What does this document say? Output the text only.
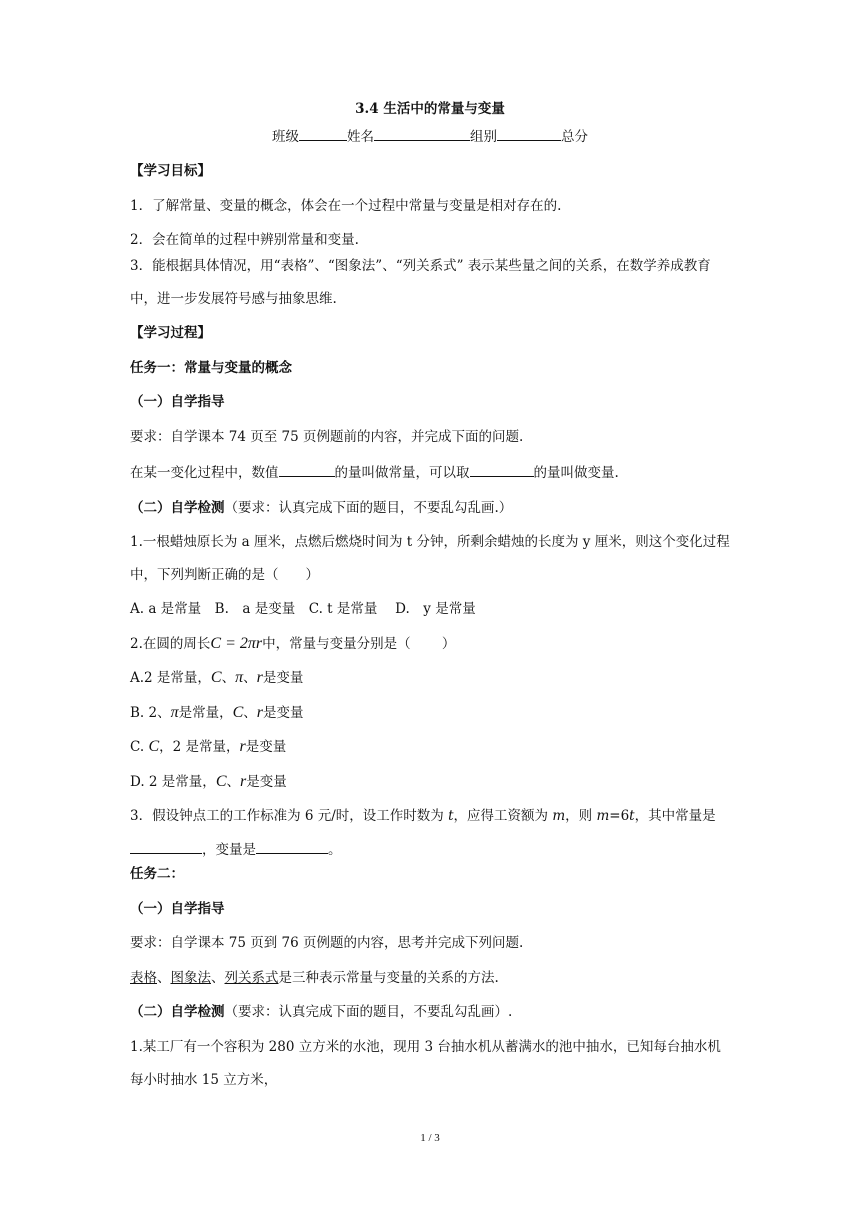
3.4 生活中的常量与变量
班级	姓名	组别	总分
【学习目标】
1．了解常量、变量的概念，体会在一个过程中常量与变量是相对存在的.
2．会在简单的过程中辨别常量和变量.
3．能根据具体情况，用“表格”、“图象法”、“列关系式” 表示某些量之间的关系，在数学养成教育中，进一步发展符号感与抽象思维.
【学习过程】
任务一：常量与变量的概念
（一）自学指导
要求：自学课本 74 页至 75 页例题前的内容，并完成下面的问题.
在某一变化过程中，数值	的量叫做常量，可以取	的量叫做变量.
（二）自学检测（要求：认真完成下面的题目，不要乱勾乱画.）
1.一根蜡烛原长为 a 厘米，点燃后燃烧时间为 t 分钟，所剩余蜡烛的长度为 y 厘米，则这个变化过程中，下列判断正确的是（　　）
A. a 是常量　B.　a 是变量　C. t 是常量　 D.　y 是常量
2.在圆的周长C = 2πr中，常量与变量分别是（　　 ）
A.2 是常量，C、π、r是变量
B. 2、π是常量，C、r是变量
C. C，2 是常量，r是变量
D. 2 是常量，C、r是变量
3．假设钟点工的工作标准为 6 元/时，设工作时数为 t，应得工资额为 m，则 m=6t，其中常量是
，变量是	。
任务二：
（一）自学指导
要求：自学课本 75 页到 76 页例题的内容，思考并完成下列问题.
表格、图象法、列关系式是三种表示常量与变量的关系的方法.
（二）自学检测（要求：认真完成下面的题目，不要乱勾乱画）.
1.某工厂有一个容积为 280 立方米的水池，现用 3 台抽水机从蓄满水的池中抽水，已知每台抽水机每小时抽水 15 立方米，
1 / 3
